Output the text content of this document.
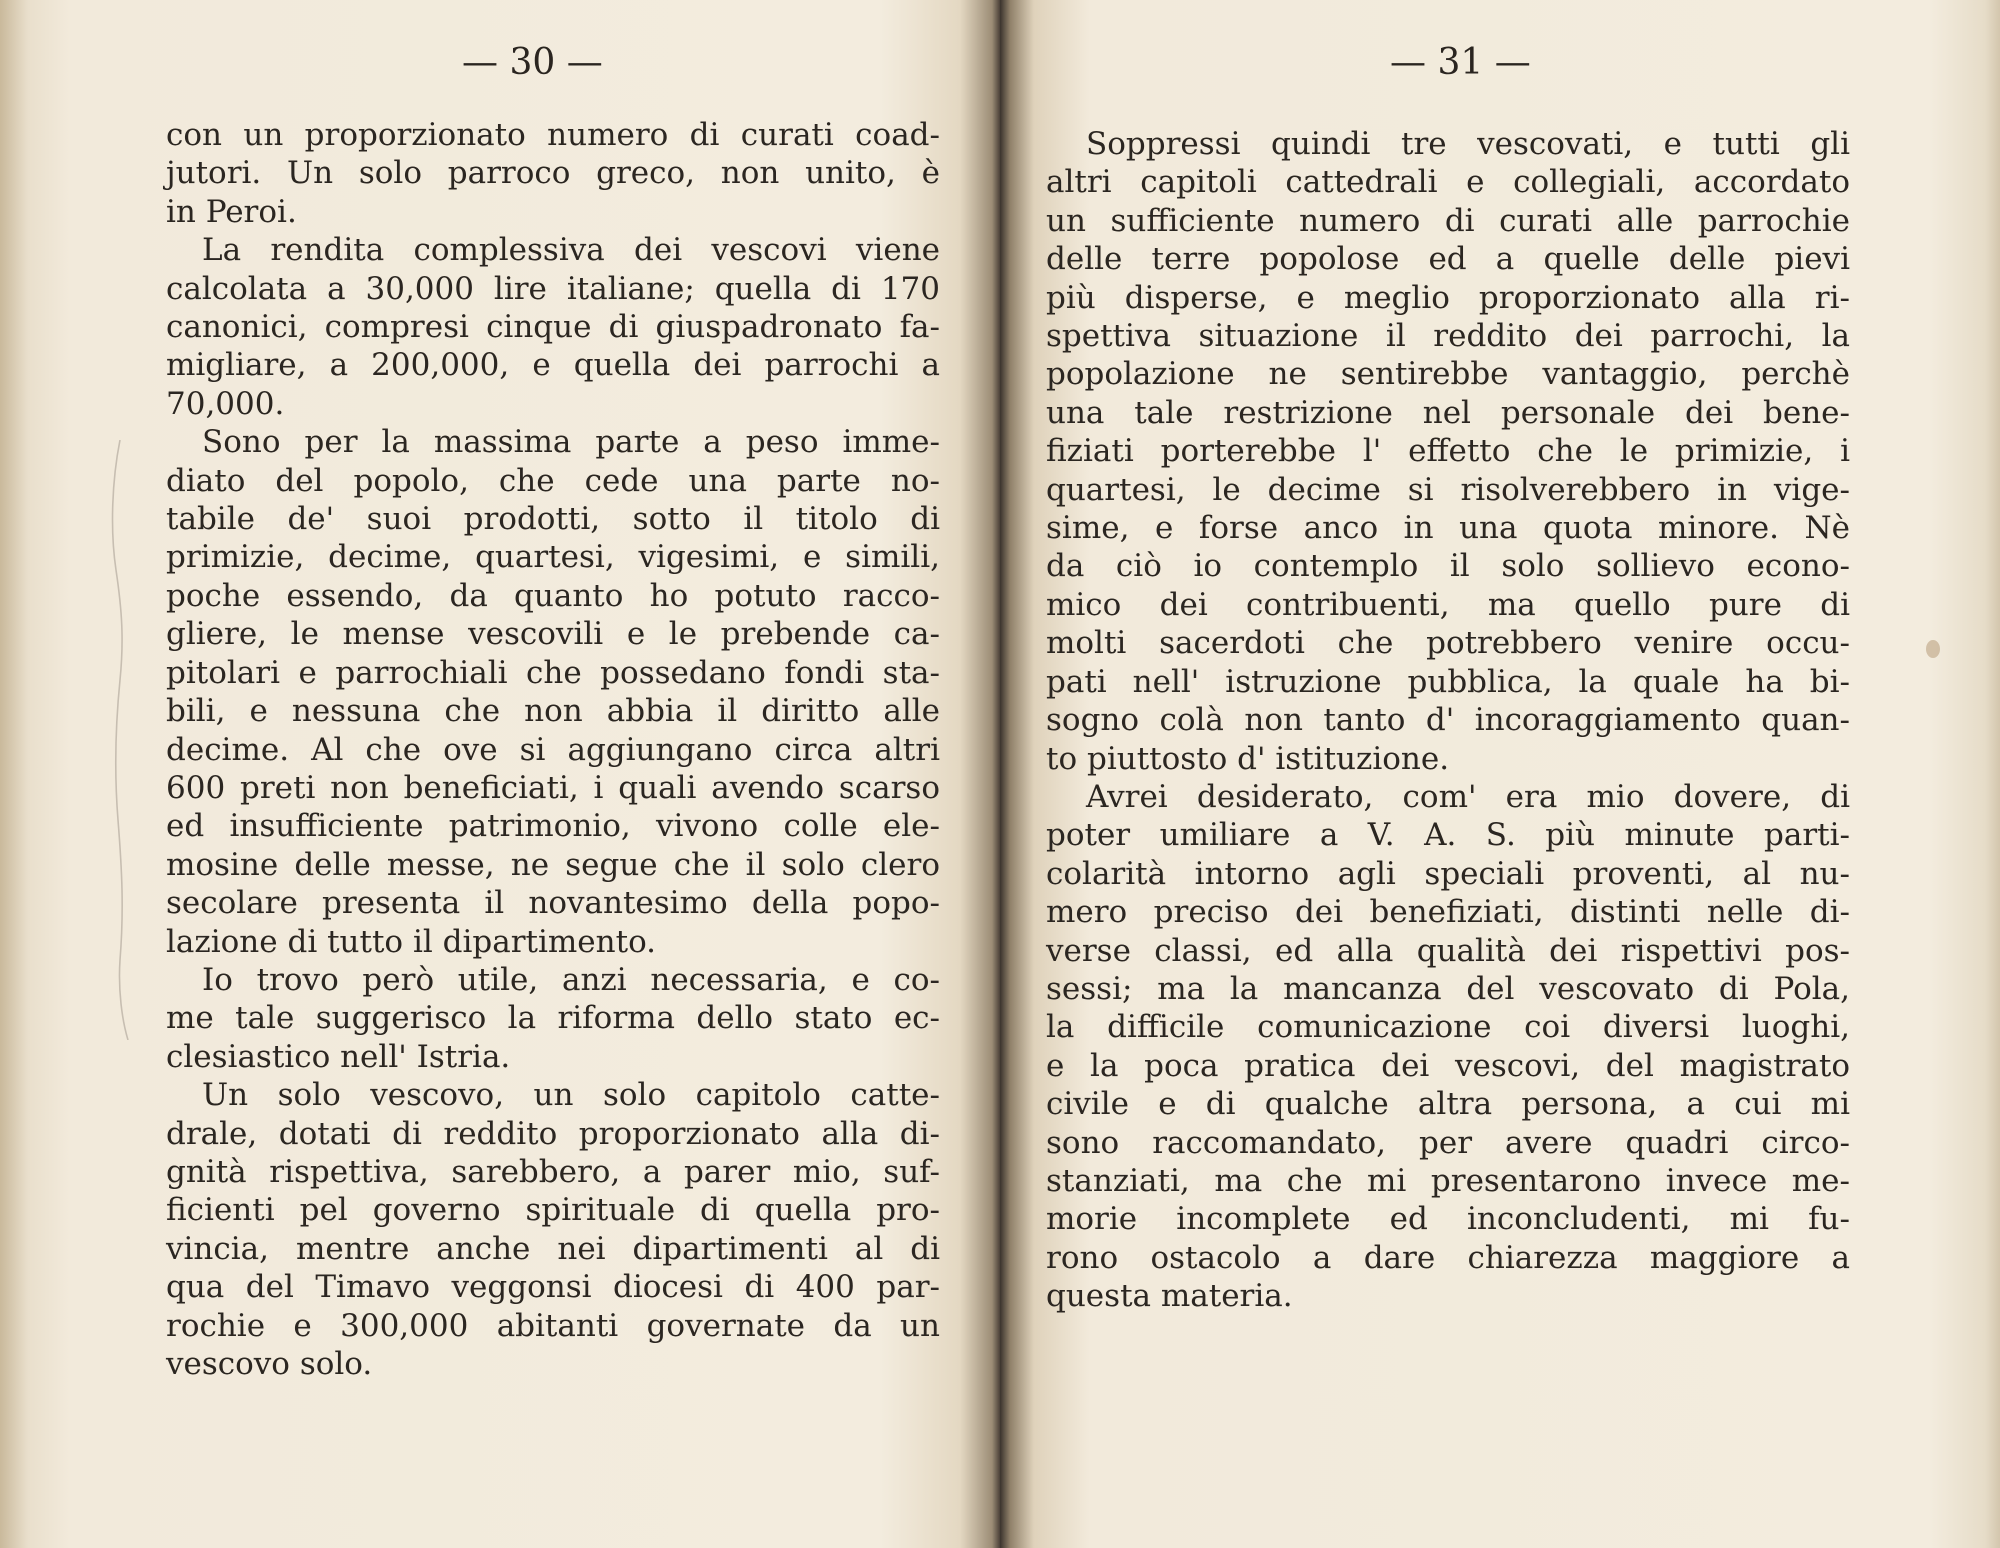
— 30 —
con un proporzionato numero di curati coad-
jutori. Un solo parroco greco, non unito, è
in Peroi.
La rendita complessiva dei vescovi viene
calcolata a 30,000 lire italiane; quella di 170
canonici, compresi cinque di giuspadronato fa-
migliare, a 200,000, e quella dei parrochi a
70,000.
Sono per la massima parte a peso imme-
diato del popolo, che cede una parte no-
tabile de' suoi prodotti, sotto il titolo di
primizie, decime, quartesi, vigesimi, e simili,
poche essendo, da quanto ho potuto racco-
gliere, le mense vescovili e le prebende ca-
pitolari e parrochiali che possedano fondi sta-
bili, e nessuna che non abbia il diritto alle
decime. Al che ove si aggiungano circa altri
600 preti non beneficiati, i quali avendo scarso
ed insufficiente patrimonio, vivono colle ele-
mosine delle messe, ne segue che il solo clero
secolare presenta il novantesimo della popo-
lazione di tutto il dipartimento.
Io trovo però utile, anzi necessaria, e co-
me tale suggerisco la riforma dello stato ec-
clesiastico nell' Istria.
Un solo vescovo, un solo capitolo catte-
drale, dotati di reddito proporzionato alla di-
gnità rispettiva, sarebbero, a parer mio, suf-
ficienti pel governo spirituale di quella pro-
vincia, mentre anche nei dipartimenti al di
qua del Timavo veggonsi diocesi di 400 par-
rochie e 300,000 abitanti governate da un
vescovo solo.
— 31 —
Soppressi quindi tre vescovati, e tutti gli
altri capitoli cattedrali e collegiali, accordato
un sufficiente numero di curati alle parrochie
delle terre popolose ed a quelle delle pievi
più disperse, e meglio proporzionato alla ri-
spettiva situazione il reddito dei parrochi, la
popolazione ne sentirebbe vantaggio, perchè
una tale restrizione nel personale dei bene-
fiziati porterebbe l' effetto che le primizie, i
quartesi, le decime si risolverebbero in vige-
sime, e forse anco in una quota minore. Nè
da ciò io contemplo il solo sollievo econo-
mico dei contribuenti, ma quello pure di
molti sacerdoti che potrebbero venire occu-
pati nell' istruzione pubblica, la quale ha bi-
sogno colà non tanto d' incoraggiamento quan-
to piuttosto d' istituzione.
Avrei desiderato, com' era mio dovere, di
poter umiliare a V. A. S. più minute parti-
colarità intorno agli speciali proventi, al nu-
mero preciso dei benefiziati, distinti nelle di-
verse classi, ed alla qualità dei rispettivi pos-
sessi; ma la mancanza del vescovato di Pola,
la difficile comunicazione coi diversi luoghi,
e la poca pratica dei vescovi, del magistrato
civile e di qualche altra persona, a cui mi
sono raccomandato, per avere quadri circo-
stanziati, ma che mi presentarono invece me-
morie incomplete ed inconcludenti, mi fu-
rono ostacolo a dare chiarezza maggiore a
questa materia.
